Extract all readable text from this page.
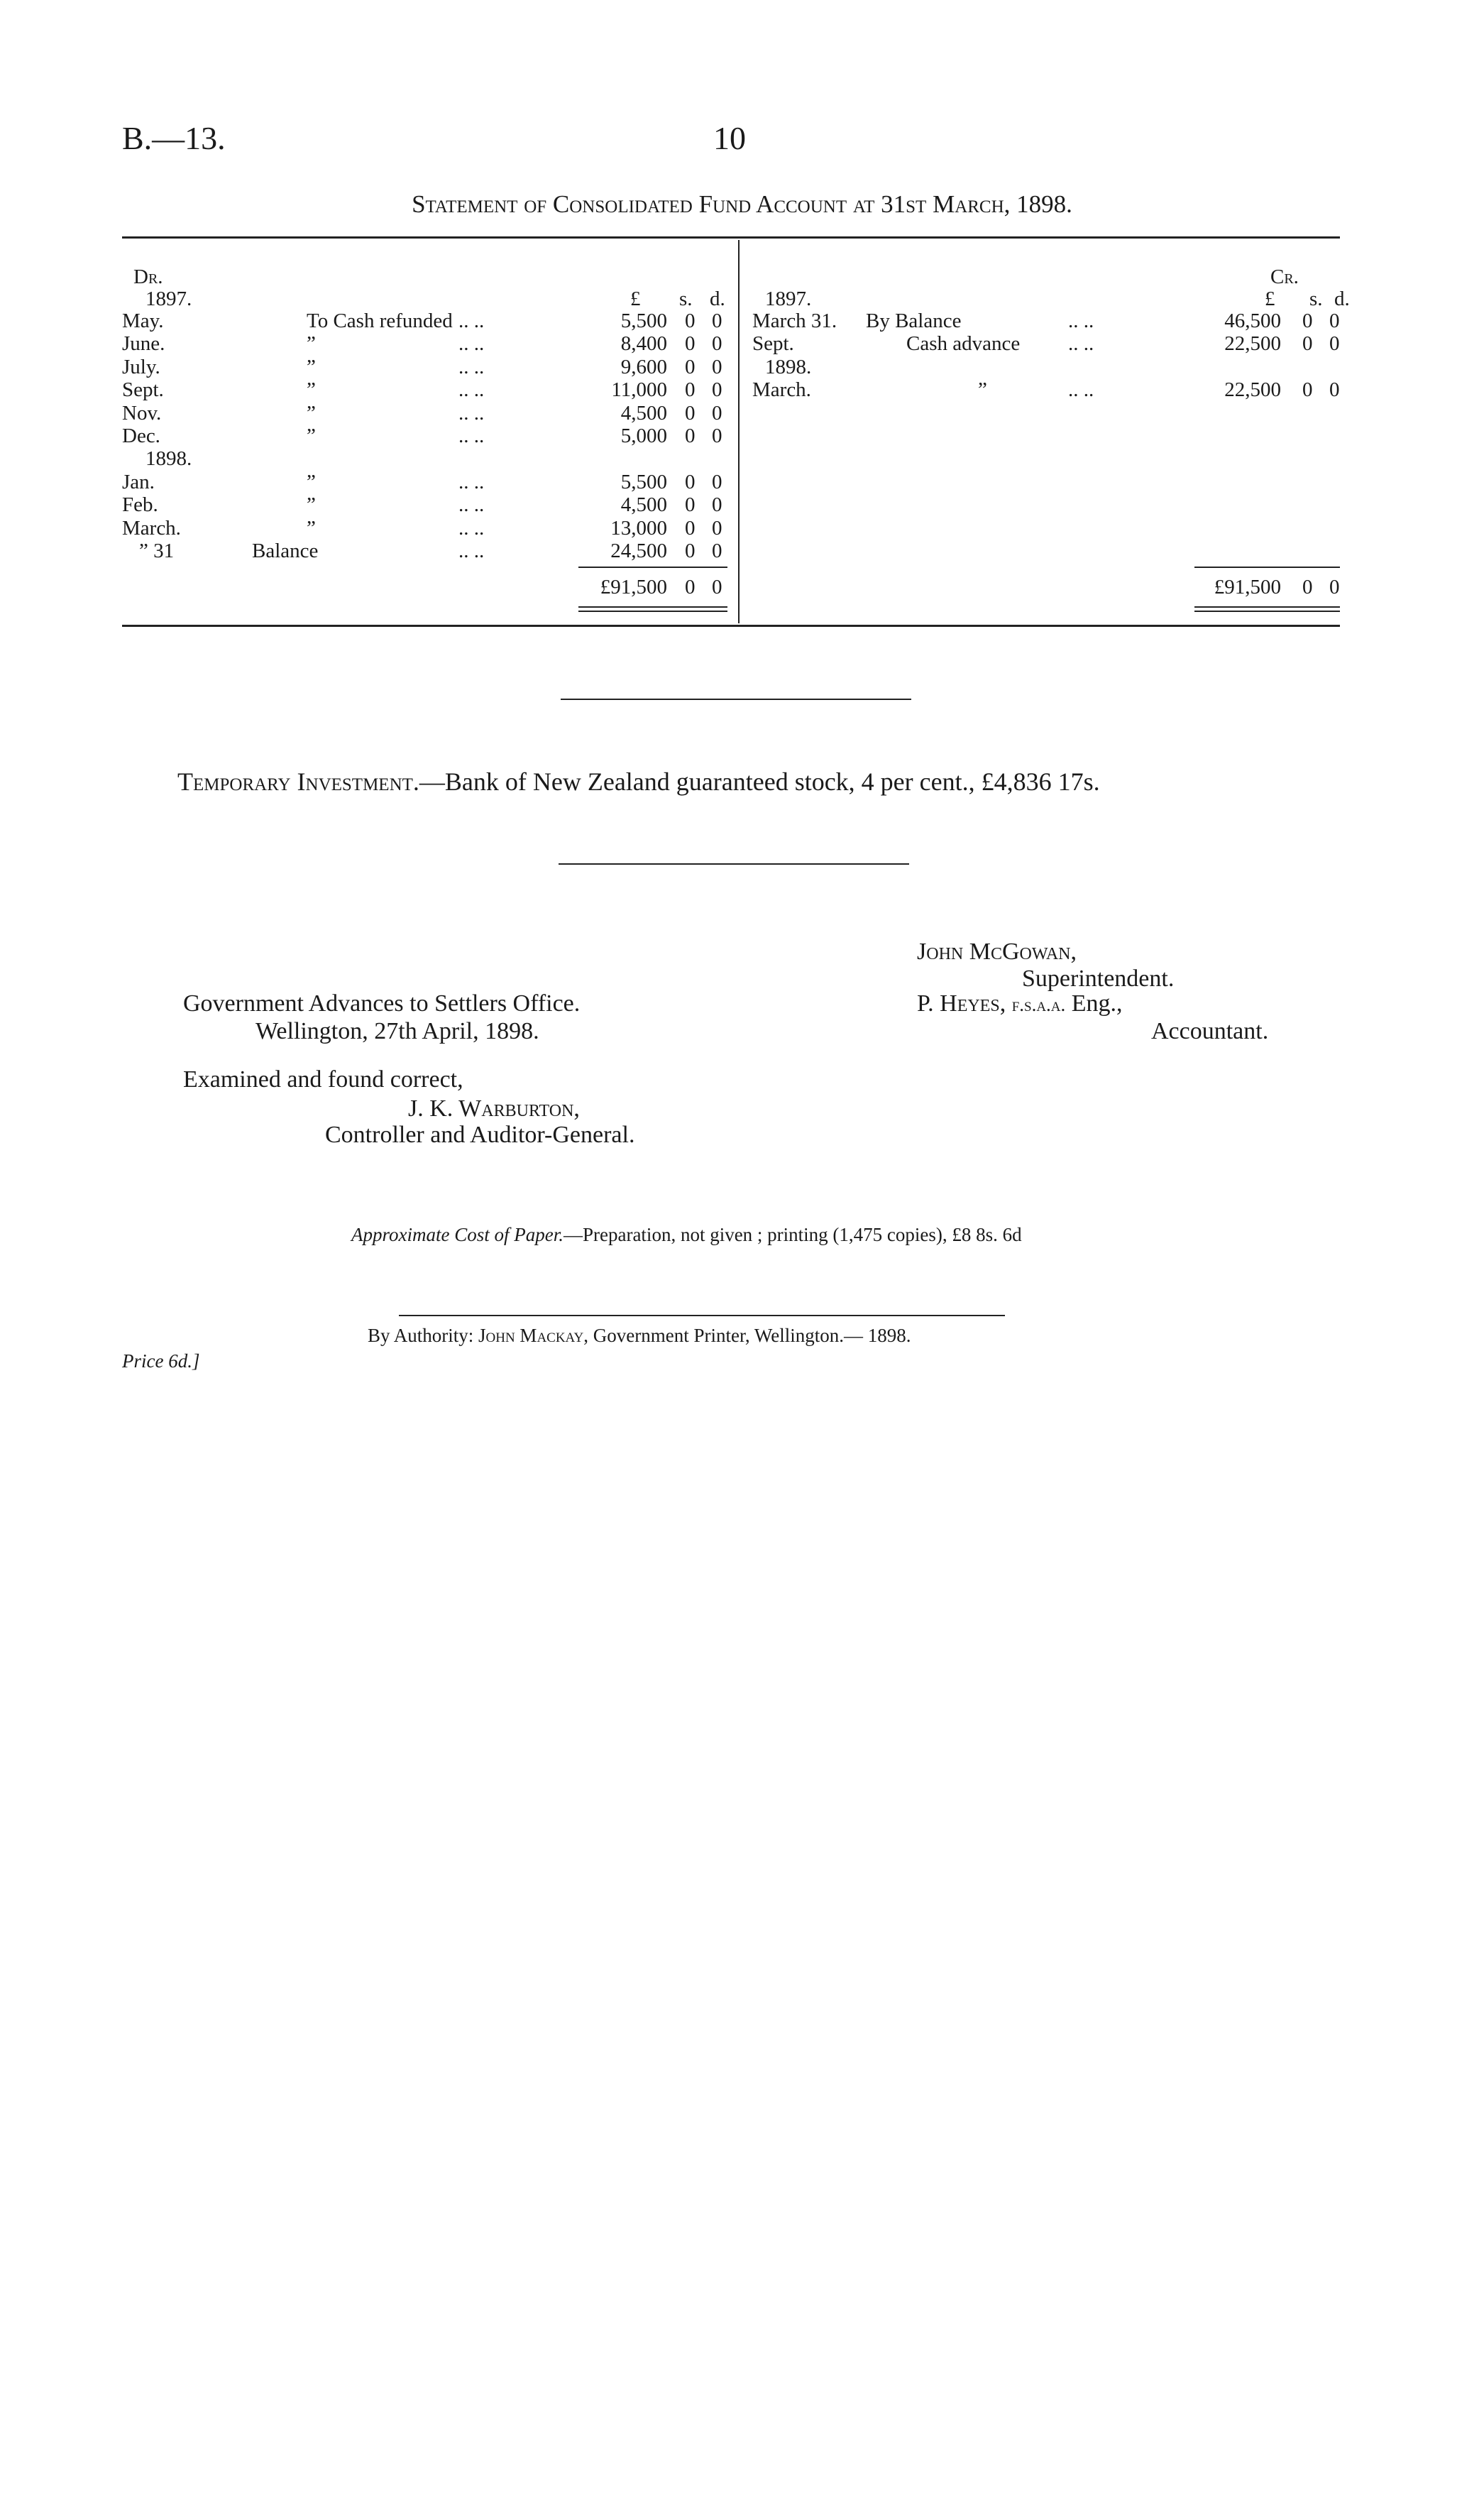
B.—13.	10
Statement of Consolidated Fund Account at 31st March, 1898.
Dr.
1897.	£ s. d.
May.	To Cash refunded .. ..	5,500 0 0
June.	”	.. ..	8,400 0 0
July.	”	.. ..	9,600 0 0
Sept.	”	.. ..	11,000 0 0
Nov.	”	.. ..	4,500 0 0
Dec.	”	.. ..	5,000 0 0
1898.
Jan.	”	.. ..	5,500 0 0
Feb.	”	.. ..	4,500 0 0
March.	”	.. ..	13,000 0 0
” 31	Balance	.. ..	24,500 0 0
£91,500 0 0
Cr.
1897.	£ s. d.
March 31. By Balance	.. ..	46,500 0 0
Sept.	Cash advance .. ..	22,500 0 0
1898.
March.	”	.. ..	22,500 0 0
£91,500 0 0
Temporary Investment.—Bank of New Zealand guaranteed stock, 4 per cent., £4,836 17s.
John McGowan,
Superintendent.
P. Heyes, f.s.a.a. Eng.,
Accountant.
Government Advances to Settlers Office.
Wellington, 27th April, 1898.
Examined and found correct,
J. K. Warburton,
Controller and Auditor-General.
Approximate Cost of Paper.—Preparation, not given ; printing (1,475 copies), £8 8s. 6d
By Authority: John Mackay, Government Printer, Wellington.— 1898.
Price 6d.]
